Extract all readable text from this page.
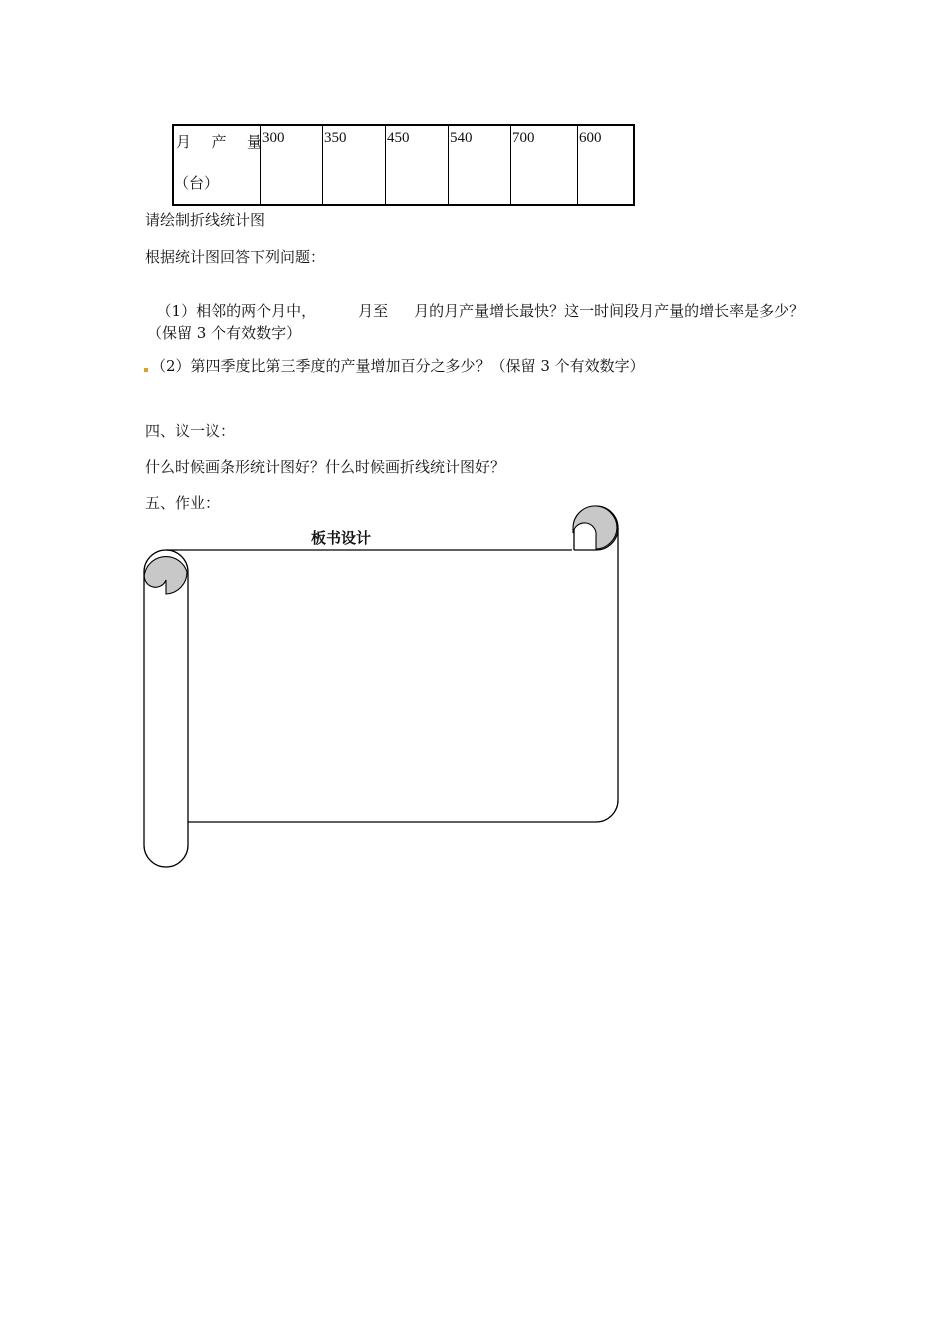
月 产 量
（台）
	300	350	450	540	700	600
请绘制折线统计图
根据统计图回答下列问题：

（1）相邻的两个月中，	月至 月的月产量增长最快？这一时间段月产量的增长率是多少？

（保留 3 个有效数字）
（2）第四季度比第三季度的产量增加百分之多少？（保留 3 个有效数字）
四、议一议：
什么时候画条形统计图好？什么时候画折线统计图好？
五、作业：
板书设计
